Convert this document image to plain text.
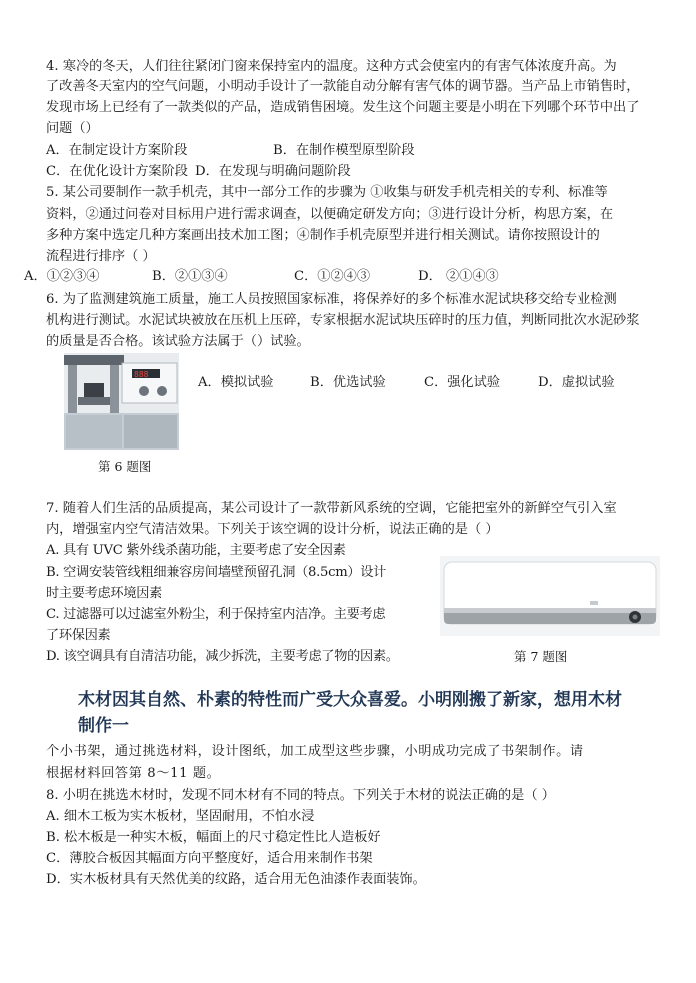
4. 寒冷的冬天，人们往往紧闭门窗来保持室内的温度。这种方式会使室内的有害气体浓度升高。为
了改善冬天室内的空气问题，小明动手设计了一款能自动分解有害气体的调节器。当产品上市销售时，
发现市场上已经有了一款类似的产品，造成销售困境。发生这个问题主要是小明在下列哪个环节中出了
问题（）
A．在制定设计方案阶段	B．在制作模型原型阶段
C．在优化设计方案阶段 D．在发现与明确问题阶段
5. 某公司要制作一款手机壳，其中一部分工作的步骤为 ①收集与研发手机壳相关的专利、标准等
资料，②通过问卷对目标用户进行需求调查，以便确定研发方向；③进行设计分析，构思方案，在
多种方案中选定几种方案画出技术加工图；④制作手机壳原型并进行相关测试。请你按照设计的
流程进行排序（ ）
A．①②③④	B．②①③④	C．①②④③	D． ②①④③
6. 为了监测建筑施工质量，施工人员按照国家标准，将保养好的多个标准水泥试块移交给专业检测
机构进行测试。水泥试块被放在压机上压碎，专家根据水泥试块压碎时的压力值，判断同批次水泥砂浆
的质量是否合格。该试验方法属于（）试验。
888
第 6 题图
A．模拟试验	B．优选试验	C．强化试验	D．虚拟试验
7. 随着人们生活的品质提高，某公司设计了一款带新风系统的空调，它能把室外的新鲜空气引入室
内，增强室内空气清洁效果。下列关于该空调的设计分析，说法正确的是（ ）
A. 具有 UVC 紫外线杀菌功能，主要考虑了安全因素
B. 空调安装管线粗细兼容房间墙壁预留孔洞（8.5cm）设计
时主要考虑环境因素
C. 过滤器可以过滤室外粉尘，利于保持室内洁净。主要考虑
了环保因素
D. 该空调具有自清洁功能，减少拆洗，主要考虑了物的因素。	第 7 题图
木材因其自然、朴素的特性而广受大众喜爱。小明刚搬了新家，想用木材
制作一
个小书架，通过挑选材料，设计图纸，加工成型这些步骤，小明成功完成了书架制作。请
根据材料回答第 8～11 题。
8. 小明在挑选木材时，发现不同木材有不同的特点。下列关于木材的说法正确的是（ ）
A. 细木工板为实木板材，坚固耐用，不怕水浸
B. 松木板是一种实木板，幅面上的尺寸稳定性比人造板好
C．薄胶合板因其幅面方向平整度好，适合用来制作书架
D．实木板材具有天然优美的纹路，适合用无色油漆作表面装饰。
